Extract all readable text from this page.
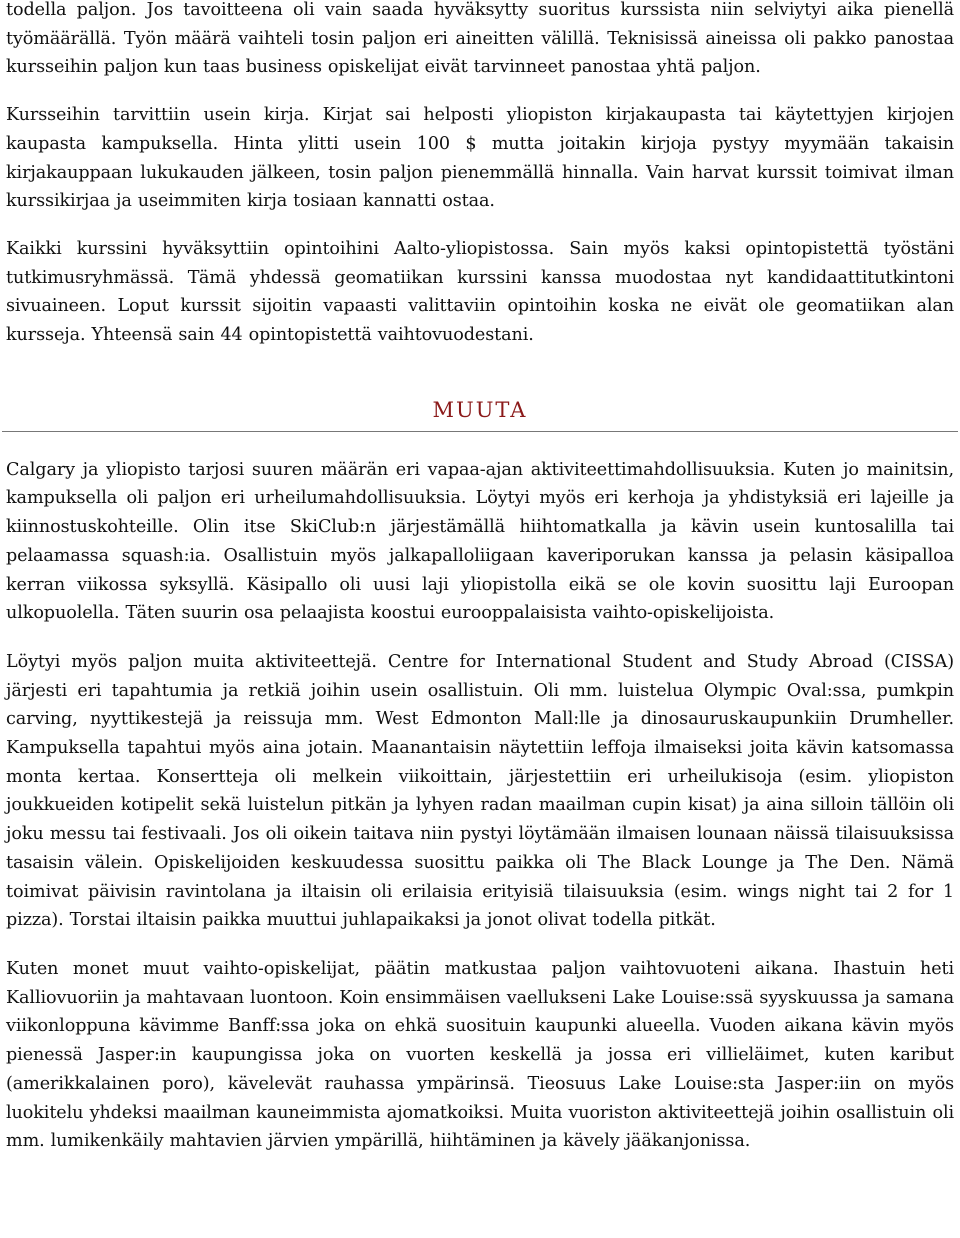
todella paljon. Jos tavoitteena oli vain saada hyväksytty suoritus kurssista niin selviytyi aika pienellä työmäärällä. Työn määrä vaihteli tosin paljon eri aineitten välillä. Teknisissä aineissa oli pakko panostaa kursseihin paljon kun taas business opiskelijat eivät tarvinneet panostaa yhtä paljon.

Kursseihin tarvittiin usein kirja. Kirjat sai helposti yliopiston kirjakaupasta tai käytettyjen kirjojen kaupasta kampuksella. Hinta ylitti usein 100 $ mutta joitakin kirjoja pystyy myymään takaisin kirjakauppaan lukukauden jälkeen, tosin paljon pienemmällä hinnalla. Vain harvat kurssit toimivat ilman kurssikirjaa ja useimmiten kirja tosiaan kannatti ostaa.

Kaikki kurssini hyväksyttiin opintoihini Aalto-yliopistossa. Sain myös kaksi opintopistettä työstäni tutkimusryhmässä. Tämä yhdessä geomatiikan kurssini kanssa muodostaa nyt kandidaattitutkintoni sivuaineen. Loput kurssit sijoitin vapaasti valittaviin opintoihin koska ne eivät ole geomatiikan alan kursseja. Yhteensä sain 44 opintopistettä vaihtovuodestani.

MUUTA

Calgary ja yliopisto tarjosi suuren määrän eri vapaa-ajan aktiviteettimahdollisuuksia. Kuten jo mainitsin, kampuksella oli paljon eri urheilumahdollisuuksia. Löytyi myös eri kerhoja ja yhdistyksiä eri lajeille ja kiinnostuskohteille. Olin itse SkiClub:n järjestämällä hiihtomatkalla ja kävin usein kuntosalilla tai pelaamassa squash:ia. Osallistuin myös jalkapalloliigaan kaveriporukan kanssa ja pelasin käsipalloa kerran viikossa syksyllä. Käsipallo oli uusi laji yliopistolla eikä se ole kovin suosittu laji Euroopan ulkopuolella. Täten suurin osa pelaajista koostui eurooppalaisista vaihto-opiskelijoista.

Löytyi myös paljon muita aktiviteettejä. Centre for International Student and Study Abroad (CISSA) järjesti eri tapahtumia ja retkiä joihin usein osallistuin. Oli mm. luistelua Olympic Oval:ssa, pumkpin carving, nyyttikestejä ja reissuja mm. West Edmonton Mall:lle ja dinosauruskaupunkiin Drumheller. Kampuksella tapahtui myös aina jotain. Maanantaisin näytettiin leffoja ilmaiseksi joita kävin katsomassa monta kertaa. Konsertteja oli melkein viikoittain, järjestettiin eri urheilukisoja (esim. yliopiston joukkueiden kotipelit sekä luistelun pitkän ja lyhyen radan maailman cupin kisat) ja aina silloin tällöin oli joku messu tai festivaali. Jos oli oikein taitava niin pystyi löytämään ilmaisen lounaan näissä tilaisuuksissa tasaisin välein. Opiskelijoiden keskuudessa suosittu paikka oli The Black Lounge ja The Den. Nämä toimivat päivisin ravintolana ja iltaisin oli erilaisia erityisiä tilaisuuksia (esim. wings night tai 2 for 1 pizza). Torstai iltaisin paikka muuttui juhlapaikaksi ja jonot olivat todella pitkät.

Kuten monet muut vaihto-opiskelijat, päätin matkustaa paljon vaihtovuoteni aikana. Ihastuin heti Kalliovuoriin ja mahtavaan luontoon. Koin ensimmäisen vaellukseni Lake Louise:ssä syyskuussa ja samana viikonloppuna kävimme Banff:ssa joka on ehkä suosituin kaupunki alueella. Vuoden aikana kävin myös pienessä Jasper:in kaupungissa joka on vuorten keskellä ja jossa eri villieläimet, kuten karibut (amerikkalainen poro), kävelevät rauhassa ympärinsä. Tieosuus Lake Louise:sta Jasper:iin on myös luokitelu yhdeksi maailman kauneimmista ajomatkoiksi. Muita vuoriston aktiviteettejä joihin osallistuin oli mm. lumikenkäily mahtavien järvien ympärillä, hiihtäminen ja kävely jääkanjonissa.
